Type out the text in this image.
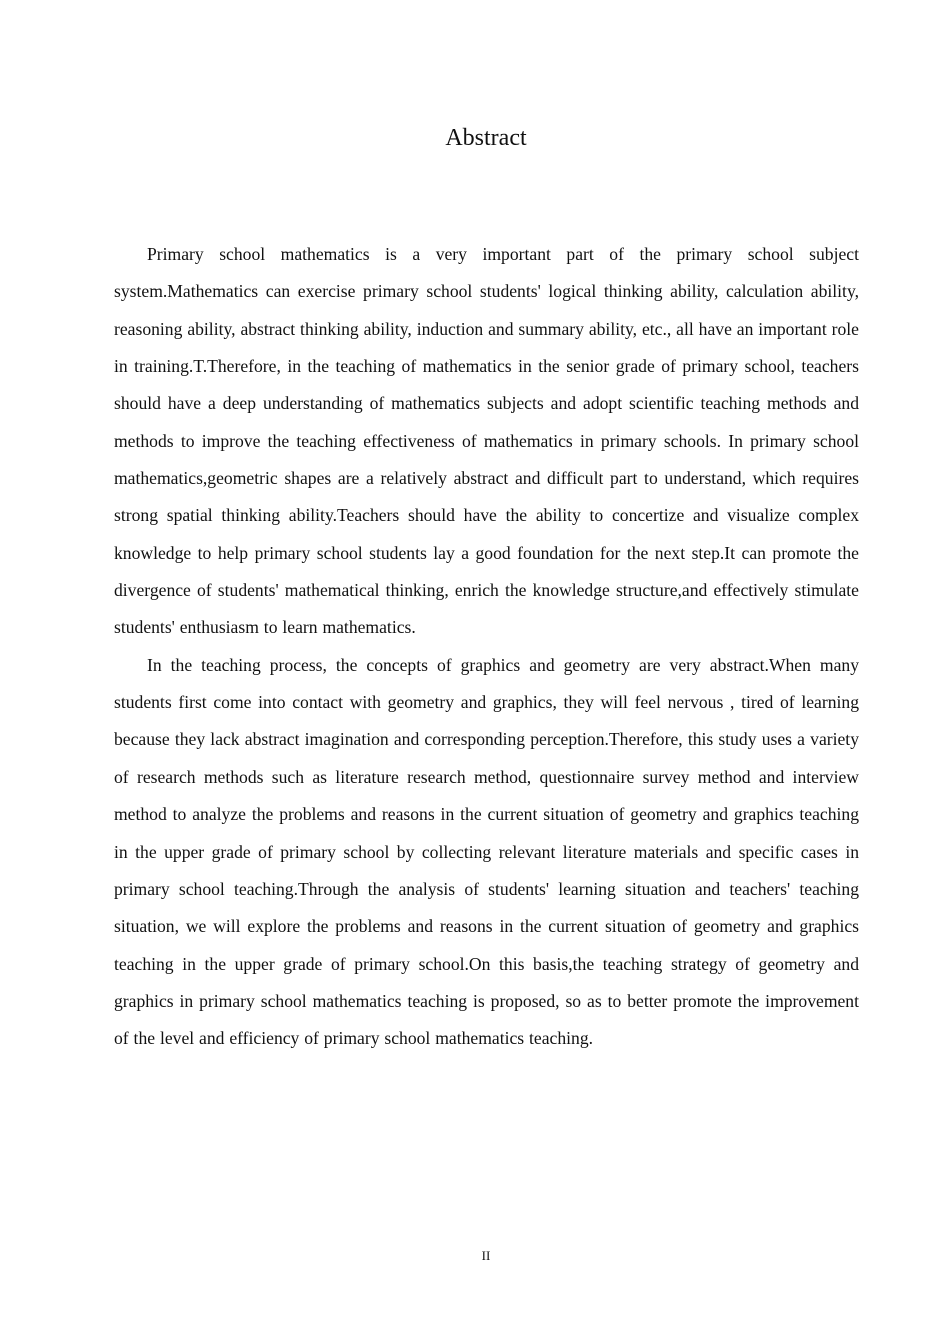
Abstract

Primary school mathematics is a very important part of the primary school subject system.Mathematics can exercise primary school students' logical thinking ability, calculation ability, reasoning ability, abstract thinking ability, induction and summary ability, etc., all have an important role in training.T.Therefore, in the teaching of mathematics in the senior grade of primary school, teachers should have a deep understanding of mathematics subjects and adopt scientific teaching methods and methods to improve the teaching effectiveness of mathematics in primary schools. In primary school mathematics,geometric shapes are a relatively abstract and difficult part to understand, which requires strong spatial thinking ability.Teachers should have the ability to concertize and visualize complex knowledge to help primary school students lay a good foundation for the next step.It can promote the divergence of students' mathematical thinking, enrich the knowledge structure,and effectively stimulate students' enthusiasm to learn mathematics.

In the teaching process, the concepts of graphics and geometry are very abstract.When many students first come into contact with geometry and graphics, they will feel nervous , tired of learning because they lack abstract imagination and corresponding perception.Therefore, this study uses a variety of research methods such as literature research method, questionnaire survey method and interview method to analyze the problems and reasons in the current situation of geometry and graphics teaching in the upper grade of primary school by collecting relevant literature materials and specific cases in primary school teaching.Through the analysis of students' learning situation and teachers' teaching situation, we will explore the problems and reasons in the current situation of geometry and graphics teaching in the upper grade of primary school.On this basis,the teaching strategy of geometry and graphics in primary school mathematics teaching is proposed, so as to better promote the improvement of the level and efficiency of primary school mathematics teaching.

II
